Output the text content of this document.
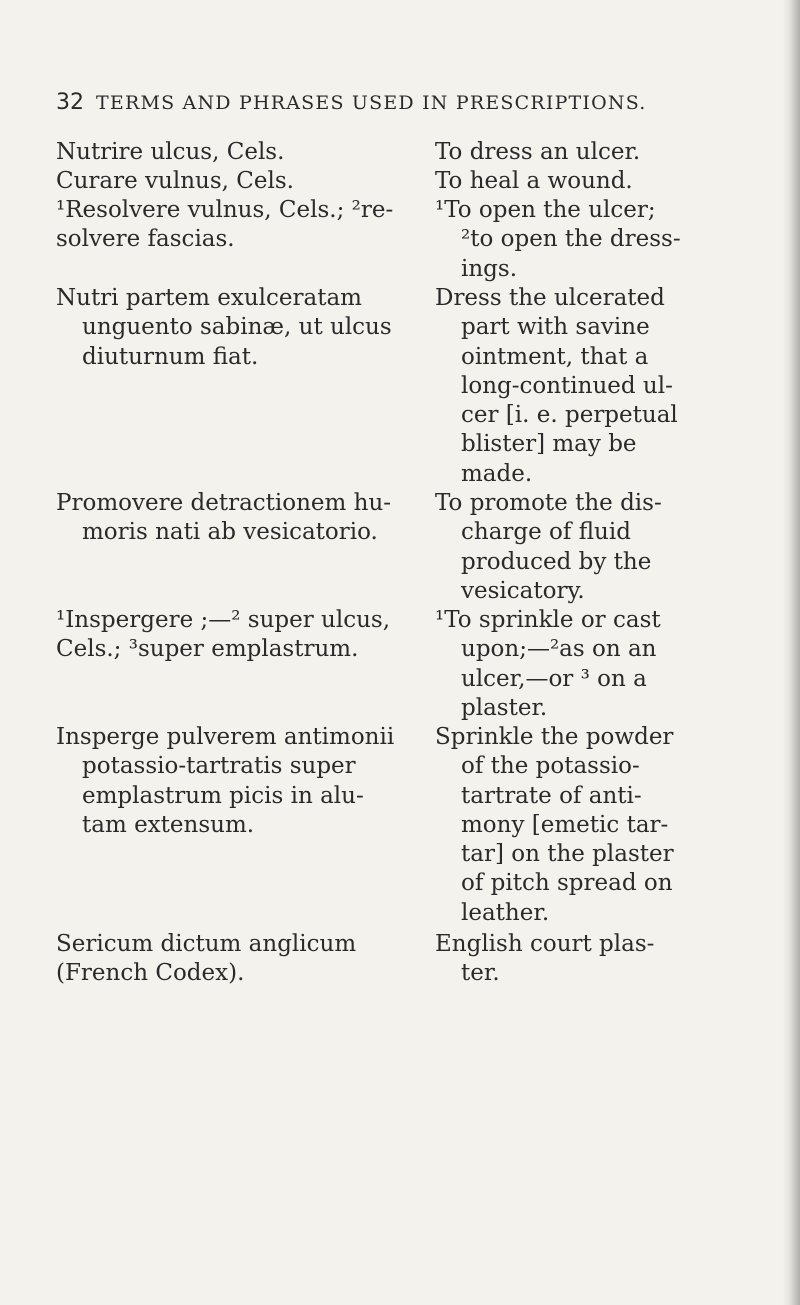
32 TERMS AND PHRASES USED IN PRESCRIPTIONS.
Nutrire ulcus, Cels.	To dress an ulcer.
Curare vulnus, Cels.	To heal a wound.
¹Resolvere vulnus, Cels.; ²re-
solvere fascias.
¹To open the ulcer;
²to open the dress-
ings.
Nutri partem exulceratam
unguento sabinæ, ut ulcus
diuturnum fiat.
Dress the ulcerated
part with savine
ointment, that a
long-continued ul-
cer [i. e. perpetual
blister] may be
made.
Promovere detractionem hu-
moris nati ab vesicatorio.
To promote the dis-
charge of fluid
produced by the
vesicatory.
¹Inspergere ;—² super ulcus,
Cels.; ³super emplastrum.
¹To sprinkle or cast
upon;—²as on an
ulcer,—or ³ on a
plaster.
Insperge pulverem antimonii
potassio-tartratis super
emplastrum picis in alu-
tam extensum.
Sprinkle the powder
of the potassio-
tartrate of anti-
mony [emetic tar-
tar] on the plaster
of pitch spread on
leather.
Sericum dictum anglicum
(French Codex).
English court plas-
ter.
